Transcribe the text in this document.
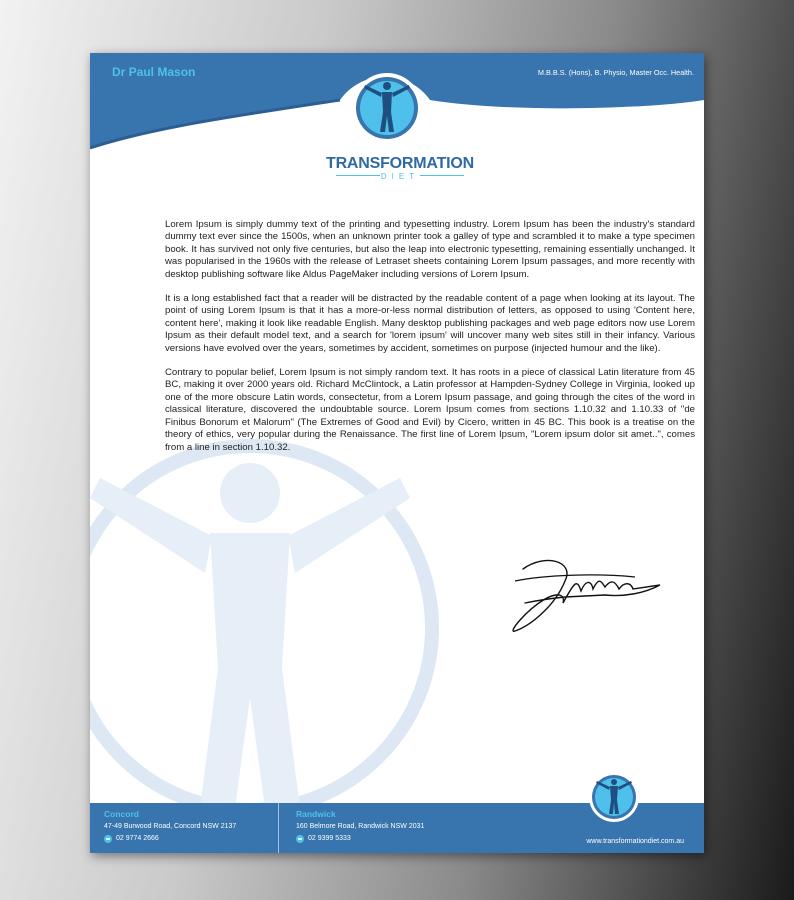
Dr Paul Mason	M.B.B.S. (Hons), B. Physio, Master Occ. Health.
TRANSFORMATION
DIET

Lorem Ipsum is simply dummy text of the printing and typesetting industry. Lorem Ipsum has been the industry's standard dummy text ever since the 1500s, when an unknown printer took a galley of type and scrambled it to make a type specimen book. It has survived not only five centuries, but also the leap into electronic typesetting, remaining essentially unchanged. It was popularised in the 1960s with the release of Letraset sheets containing Lorem Ipsum passages, and more recently with desktop publishing software like Aldus PageMaker including versions of Lorem Ipsum.

It is a long established fact that a reader will be distracted by the readable content of a page when looking at its layout. The point of using Lorem Ipsum is that it has a more-or-less normal distribution of letters, as opposed to using 'Content here, content here', making it look like readable English. Many desktop publishing packages and web page editors now use Lorem Ipsum as their default model text, and a search for 'lorem ipsum' will uncover many web sites still in their infancy. Various versions have evolved over the years, sometimes by accident, sometimes on purpose (injected humour and the like).

Contrary to popular belief, Lorem Ipsum is not simply random text. It has roots in a piece of classical Latin literature from 45 BC, making it over 2000 years old. Richard McClintock, a Latin professor at Hampden-Sydney College in Virginia, looked up one of the more obscure Latin words, consectetur, from a Lorem Ipsum passage, and going through the cites of the word in classical literature, discovered the undoubtable source. Lorem Ipsum comes from sections 1.10.32 and 1.10.33 of "de Finibus Bonorum et Malorum" (The Extremes of Good and Evil) by Cicero, written in 45 BC. This book is a treatise on the theory of ethics, very popular during the Renaissance. The first line of Lorem Ipsum, "Lorem ipsum dolor sit amet..", comes from a line in section 1.10.32.

Concord
47-49 Burwood Road, Concord NSW 2137
02 9774 2666
Randwick
160 Belmore Road, Randwick NSW 2031
02 9399 5333	www.transformationdiet.com.au
